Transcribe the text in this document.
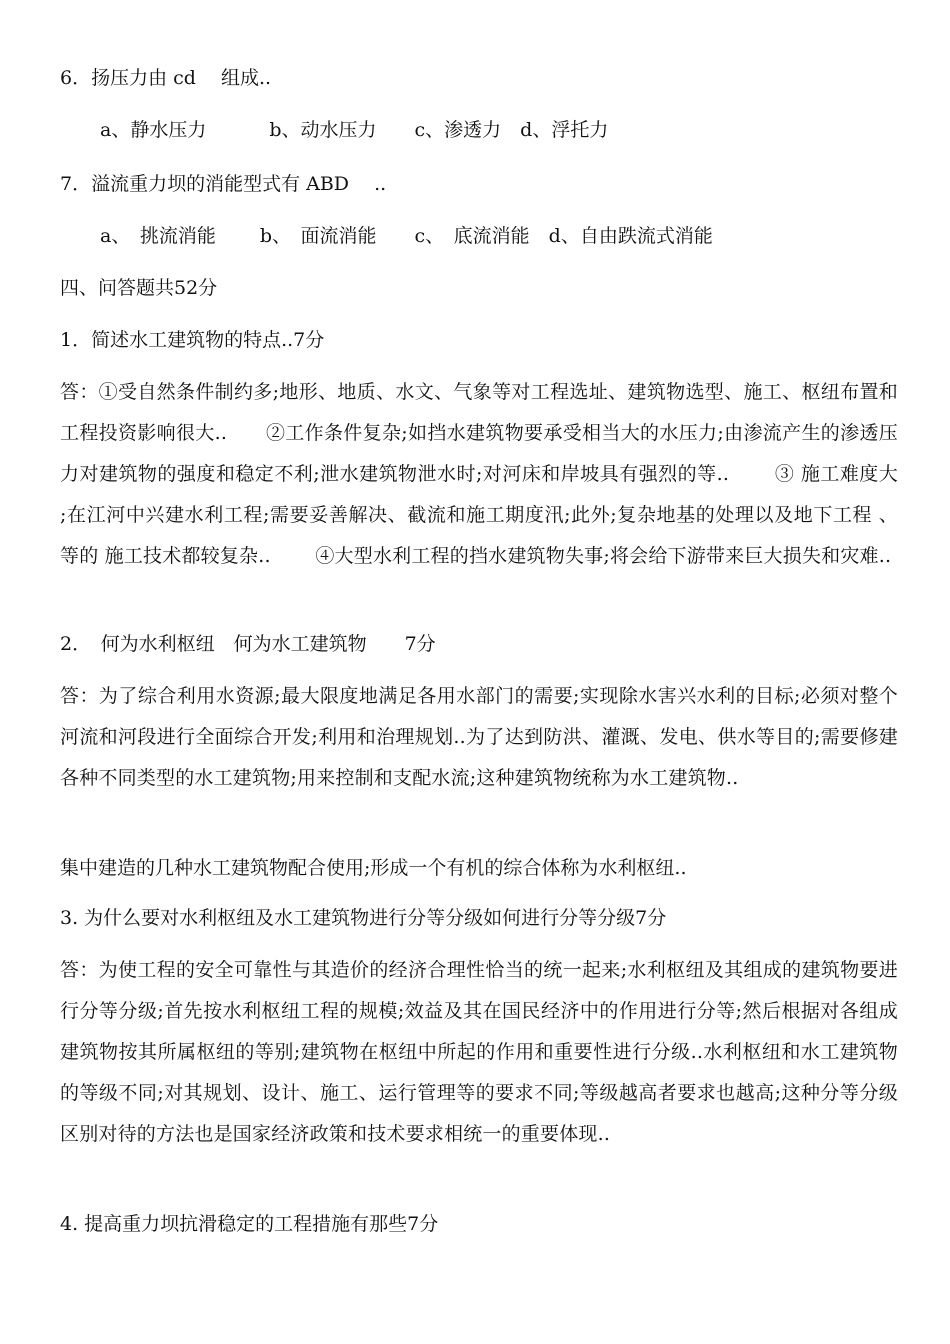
6．扬压力由 cd　 组成..
a、静水压力　　　 b、动水压力　　c、渗透力　d、浮托力
7．溢流重力坝的消能型式有 ABD　 ..
a、　挑流消能　　 b、　面流消能　　c、　底流消能　d、自由跌流式消能
四、问答题共52分
1．简述水工建筑物的特点..7分
答：①受自然条件制约多;地形、地质、水文、气象等对工程选址、建筑物选型、施工、枢纽布置和工程投资影响很大..　　②工作条件复杂;如挡水建筑物要承受相当大的水压力;由渗流产生的渗透压力对建筑物的强度和稳定不利;泄水建筑物泄水时;对河床和岸坡具有强烈的等..　　 ③ 施工难度大 ;在江河中兴建水利工程;需要妥善解决、截流和施工期度汛;此外;复杂地基的处理以及地下工程 、 等的 施工技术都较复杂..　　 ④大型水利工程的挡水建筑物失事;将会给下游带来巨大损失和灾难..
2．　何为水利枢纽　何为水工建筑物　　7分
答：为了综合利用水资源;最大限度地满足各用水部门的需要;实现除水害兴水利的目标;必须对整个河流和河段进行全面综合开发;利用和治理规划..为了达到防洪、灌溉、发电、供水等目的;需要修建各种不同类型的水工建筑物;用来控制和支配水流;这种建筑物统称为水工建筑物..
集中建造的几种水工建筑物配合使用;形成一个有机的综合体称为水利枢纽..
3. 为什么要对水利枢纽及水工建筑物进行分等分级如何进行分等分级7分
答：为使工程的安全可靠性与其造价的经济合理性恰当的统一起来;水利枢纽及其组成的建筑物要进行分等分级;首先按水利枢纽工程的规模;效益及其在国民经济中的作用进行分等;然后根据对各组成建筑物按其所属枢纽的等别;建筑物在枢纽中所起的作用和重要性进行分级..水利枢纽和水工建筑物的等级不同;对其规划、设计、施工、运行管理等的要求不同;等级越高者要求也越高;这种分等分级区别对待的方法也是国家经济政策和技术要求相统一的重要体现..
4. 提高重力坝抗滑稳定的工程措施有那些7分
